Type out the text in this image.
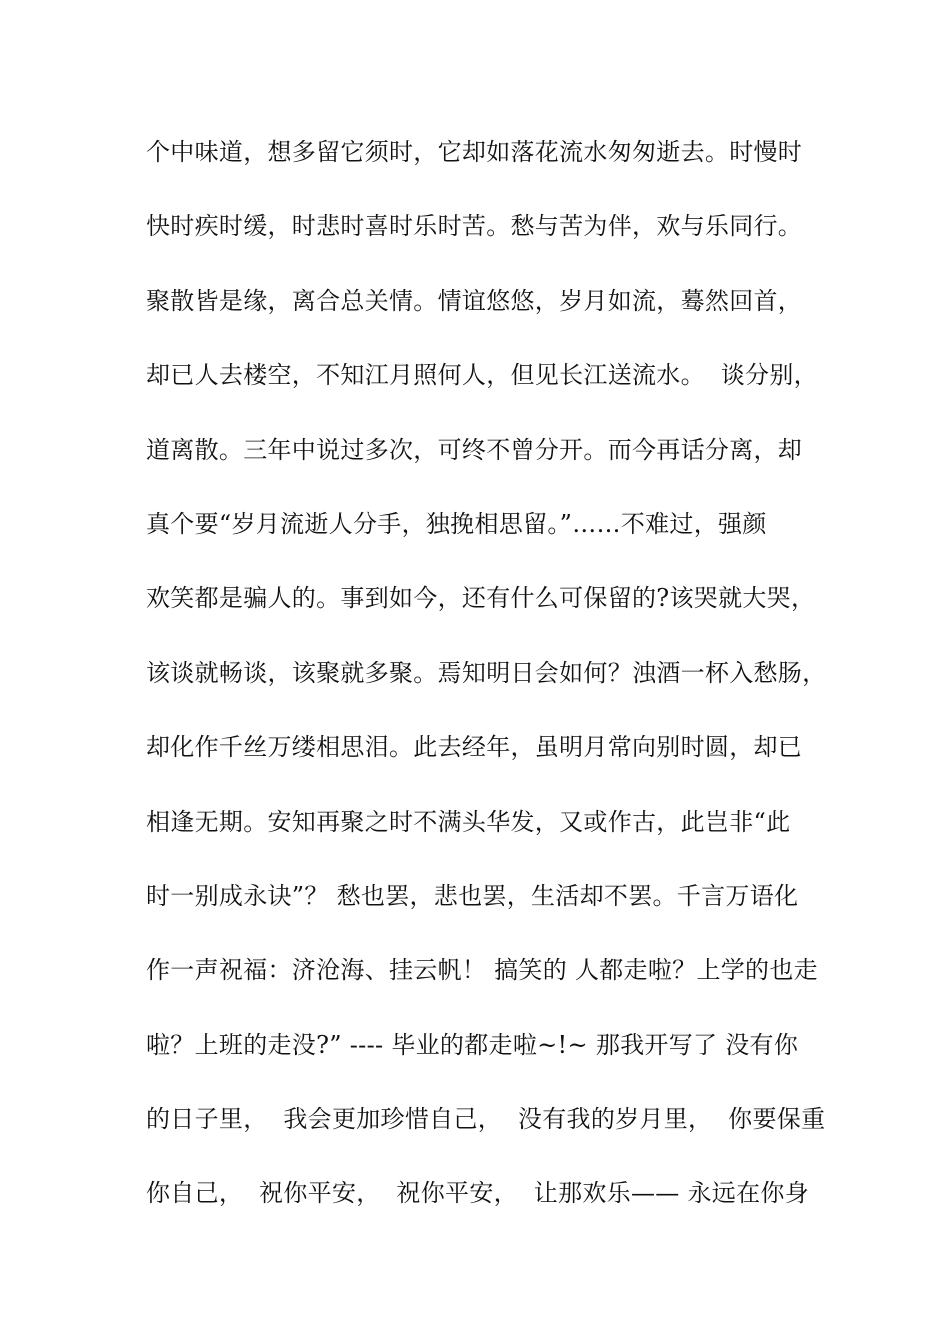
个中味道，想多留它须时，它却如落花流水匆匆逝去。时慢时
快时疾时缓，时悲时喜时乐时苦。愁与苦为伴，欢与乐同行。
聚散皆是缘，离合总关情。情谊悠悠，岁月如流，蓦然回首，
却已人去楼空，不知江月照何人，但见长江送流水。  谈分别，
道离散。三年中说过多次，可终不曾分开。而今再话分离，却
真个要“岁月流逝人分手，独挽相思留。”……不难过，强颜
欢笑都是骗人的。事到如今，还有什么可保留的?该哭就大哭，
该谈就畅谈，该聚就多聚。焉知明日会如何？浊酒一杯入愁肠，
却化作千丝万缕相思泪。此去经年，虽明月常向别时圆，却已
相逢无期。安知再聚之时不满头华发，又或作古，此岂非“此
时一别成永诀”？ 愁也罢，悲也罢，生活却不罢。千言万语化
作一声祝福：济沧海、挂云帆！ 搞笑的 人都走啦？上学的也走
啦？上班的走没?” ---- 毕业的都走啦~!~ 那我开写了 没有你
的日子里，  我会更加珍惜自己，  没有我的岁月里，  你要保重
你自己，  祝你平安，  祝你平安，  让那欢乐—— 永远在你身
